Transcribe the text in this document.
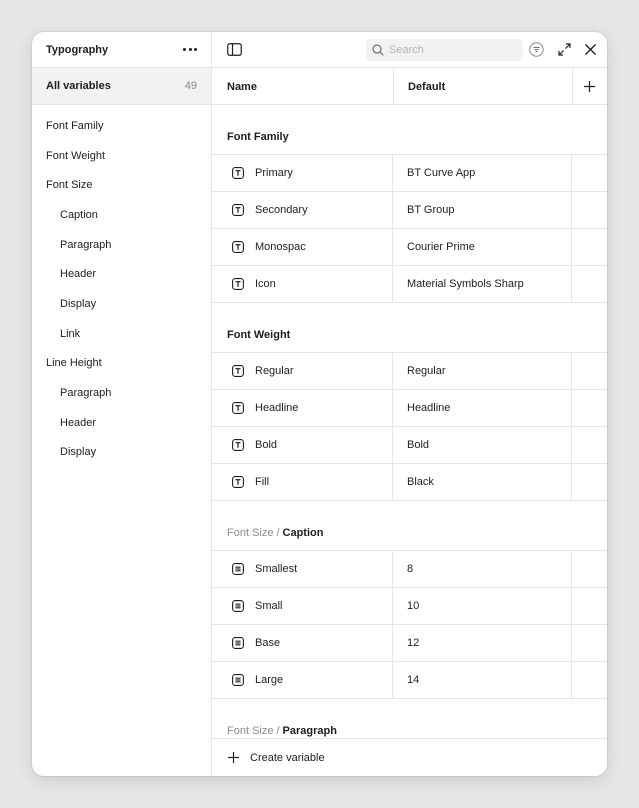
Typography
All variables	49
Font Family
Font Weight
Font Size
Caption
Paragraph
Header
Display
Link
Line Height
Paragraph
Header
Display
Search
Name	Default
Font Family
Primary	BT Curve App
Secondary	BT Group
Monospac	Courier Prime
Icon	Material Symbols Sharp
Font Weight
Regular	Regular
Headline	Headline
Bold	Bold
Fill	Black
Font Size / Caption
Smallest	8
Small	10
Base	12
Large	14
Font Size / Paragraph
Create variable
